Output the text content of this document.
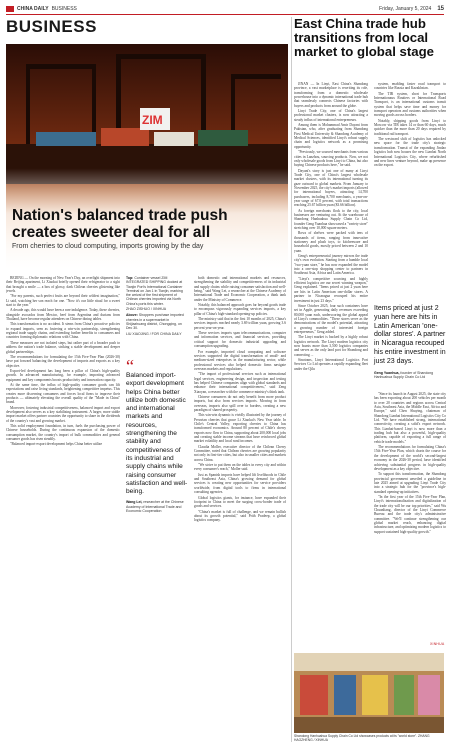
CHINA DAILY BUSINESS	Friday, January 5, 2024 15
BUSINESS
Nation's balanced trade push creates sweeter deal for all
From cherries to cloud computing, imports growing by the day

BEIJING — On the morning of New Year's Day, an overlight shipment into their Beijing apartment, Li Xiaokai briefly opened their refrigerator to a sight that brought a smile — a box of glossy, dark Chilean cherries glistening like jewels.

"For my parents, such perfect fruits are beyond their wildest imagination," Li said, watching her son reach for one. "Now it's our little ritual for a sweet start to the year."

A decade ago, this would have been a rare indulgence. Today, these cherries, alongside avocados from Mexico, beef from Argentina and durians from Thailand, have become regular attendees on Chinese dining tables.

This transformation is no accident. It stems from China's proactive policies to expand imports, seen as fostering a win-win partnership, strengthening regional trade supply chains, and extending further benefits to consumers and countries forming diplomatic relations with China.

These measures are not isolated steps, but rather part of a broader push to address the nation's trade balance, striking a stable development and deeper global partnerships.

The recommendations for formulating the 15th Five-Year Plan (2026-30) have put forward balancing the development of imports and exports as a key objective.

Export-led development has long been a pillar of China's high-quality growth. In advanced manufacturing, for example, importing advanced equipment and key components boosts productivity and innovation capacity.

At the same time, the influx of high-quality consumer goods can lift expectations and raise living standards, heightening competitive impetus. This creates more discerning consumers and forces local firms to improve their products — ultimately elevating the overall quality of the "Made in China" brand.

Moreover, fostering industrial competitiveness, balanced import and export development also serves as a key stabilizing instrument. A larger, more stable import market offers partner countries the opportunity to share in the dividends of the country's vast and growing market.

This solid employment foundation, in turn, fuels the purchasing power of Chinese households. During the continuous expansion of the domestic consumption market, the country's import of bulk commodities and general consumer goods has risen steadily.

"Balanced import-export development helps China better utilize

Top: Container vessel ZIM INTEGRATED SHIPPING docked at Tianjin Port's International Container Terminal on Jan 1 in Tianjin, marking the arrival of the first shipment of Chilean cherries imported via North China's ports this winter.
ZHAO ZISHUO / XINHUA
Above: Shoppers purchase imported cherries in a supermarket in Shijiazhuang district, Chongqing, on Dec 30.
LIU XIAOJING / FOR CHINA DAILY
“
Balanced import-export development helps China better utilize both domestic and international markets and resources, strengthening the stability and competitiveness of its industrial and supply chains while raising consumer satisfaction and well-being.
Wang Lei, researcher at the Chinese Academy of International Trade and Economic Cooperation

both domestic and international markets and resources, strengthening the stability and competitiveness of its industrial and supply chains while raising consumer satisfaction and well-being," said Wang Lei, a researcher at the Chinese Academy of International Trade and Economic Cooperation, a think tank under the Ministry of Commerce.

Notably, this balanced approach goes far beyond goods trade to encompass vigorously expanding services imports, a key pillar of China's high-standard opening-up policies.

The ministry said that in the first 10 months of 2025, China's services imports reached nearly 3.69 trillion yuan, growing 3.6 percent year-on-year.

These services imports span telecommunications, computer and information services, and financial services, providing critical support for domestic industrial upgrading and consumption upgrading.

For example, imported cloud computing and software services supported the digital transformation of small- and medium-sized enterprises in the manufacturing sector, while professional services also helped domestic firms navigate overseas markets and regulations.

"The import of professional services such as international legal services, engineering design, and inspection and testing has helped Chinese companies align with global standards and enhance their international competitiveness," said Zeng Xiaoyan, a researcher with the commerce ministry's think tank.

Chinese consumers do not only benefit from more product imports, but also from services imports. Mowing in from overseas, imports also spill over to borders, creating a new paradigm of shared prosperity.

This win-win dynamic is vividly illustrated by the journey of Peruvian cherries that grace Li Xiaokai's New Year table. In Chile's Central Valley, exporting cherries to China has transformed economics. Around 80 percent of Chile's cherry exports now flow to China, supporting about 200,000 local jobs and creating stable income streams that have reinforced global market volatility and local rural incomes.

Claudia Moller, executive director of the Chilean Cherry Committee, noted that Chilean cherries are growing popularity not only in first-tier cities, but also in smaller cities and markets across China.

"We strive to put them on the tables in every city and within every consumer's reach," Moller said.

Just as Spanish imports have helped lift livelihoods in Chile and Southeast Asia, China's growing demand for global services is creating new opportunities for service providers worldwide, from digital tools to firms in international consulting agencies.

Global logistics giants, for instance, have expanded their footprint in China to meet the surging cross-border trade of goods and services.

"China's market is full of challenge, and we remain bullish about its growth potential," said Prith Pradeep, a global logistics company.

East China trade hub transitions from local market to global stage

JINAN — In Linyi, East China's Shandong province, a vast marketplace is rewriting its role, transforming from a domestic wholesale powerhouse into a dynamic international trade hub that seamlessly connects Chinese factories with buyers and products from around the globe.

Linyi Trade City, one of China's largest professional market clusters, is now attracting a steady influx of international entrepreneurs.

Among them is Mohammad Amir Dayani from Pakistan, who, after graduating from Shandong First Medical University & Shandong Academy of Medical Sciences, identified Linyi's robust supply chain and logistics network as a promising opportunity.

"Previously, we sourced merchants from various cities in Lanzhou, sourcing products. Now, we not only wholesale goods from Linyi to China, but also buying Chinese products here," he said.

Dayani's story is just one of many at Linyi Trade City, one of China's largest wholesale market clusters, with its international turning its gaze outward to global markets. From January to November 2025, the city's market imports (allowed for international buyers, attracting 14,700 purchasers, including 8,700 merchants, a year-on-year surge of 67.0 percent, with total transactions reaching 25.67 billion yuan ($3.66 billion).

As foreign merchants flock to the city, local businesses are venturing out. At the warehouse of Shandong Hanhuahua Supply Chain Co Ltd, founder Geng Yuanhua showcased a "variety store" stretching over 10,000 square meters.

Rows of shelves were packed with tens of thousands of items, ranging from innovative stationery and plush toys, to kitchenware and household goods, mostly priced between 2 and 10 yuan.

Geng's entrepreneurial journey mirrors the trade city's own evolution. Starting from a humble local "two-yuan store," he has now expanded the model into a one-stop shopping center to partners in Southeast Asia, Africa and Latin America.

"Linyi's competitive sourcing and highly efficient logistics are our secret winning weapon," Geng explained. "Items priced at just 2 yuan here are hits in Latin American one-dollar stores. A partner in Nicaragua recouped his entire investment in just 23 days."

Since October 2025, four such containers have set in Apple, generating daily revenues exceeding 80,000 yuan each, underscoring the global appeal of Linyi's commodities. "These stores serve as the demonstrations of the model's potential, attracting a growing number of interested foreign entrepreneurs," Geng added.

The Linyi market is backed by a highly robust logistics network. The Linyi modern logistics city now boasts more than 3,500 logistics companies and serves as the only land port for Shandong and connecting ...

Sinotrans, Linyi International Logistics Port Services Co Ltd operates a rapidly expanding fleet under the Qilu

system, enabling faster road transport to countries like Russia and Kazakhstan.

The TIR system, short for Transports Internationaux Routiers or International Road Transport, is an international customs transit system that helps save time and money for transport operators and customs authorities when moving goods across borders.

Notably, shipping goods from Linyi to Moscow via TIR takes 14 or than 60 days, much quicker than the more than 20 days required by traditional rail transport.

The westward shift of logistics has unlocked new space for the trade city's strategic transformation. Transit of the expanding Jindao logistics hub now houses the new Lianhai North International Logistics City, where refurbished and new lines venture beyond, make up presence on the export.

Items priced at just 2 yuan here are hits in Latin American 'one-dollar stores'. A partner in Nicaragua recouped his entire investment in just 23 days.
Geng Yuanhua, founder of Shandong Hanhuahua Supply Chain Co Ltd

"Since its launch in August 2025, the state city has been exporting about 200 vehicles per month to over 20 countries and regions across Central Asia, Southeast Asia, the Middle East, Africa and Europe," said Chen Shuying, chairman of Shandong Lianhai International Logistics City Co Ltd. "We have established strong, international connectivity, creating a solid's export network. This Lianhai-based Linyi is now more than a trading hub but also a powerful, high-quality platform, capable of exporting a full range of vehicle trade models."

The recommendations for formulating China's 15th Five-Year Plan, which charts the course for the development of the world's second-largest economy in the 2026-30 period, have identified achieving substantial progress in high-quality development as a key objective.

To support this transformation, the Shandong provincial government unveiled a guideline in late 2025 aimed at upgrading Linyi Trade City into a strategic hub for the "province's high-standard opening-up initiatives.

"In the first year of the 15th Five-Year Plan, Linyi's internationalization and digitalization of the trade city will be our top priorities," said Wu Chuanliang, director of the Linyi Commerce Bureau and the trade city's administrative committee. "We'll continue strengthening our global market reach, enhancing digital infrastructure, and optimizing modern logistics to support sustained high-quality growth."

XINHUA
Shandong Hanhuahua Supply Chain Co Ltd showcases products at its "world store". ZHANG HAOZHENG / XINHUA
